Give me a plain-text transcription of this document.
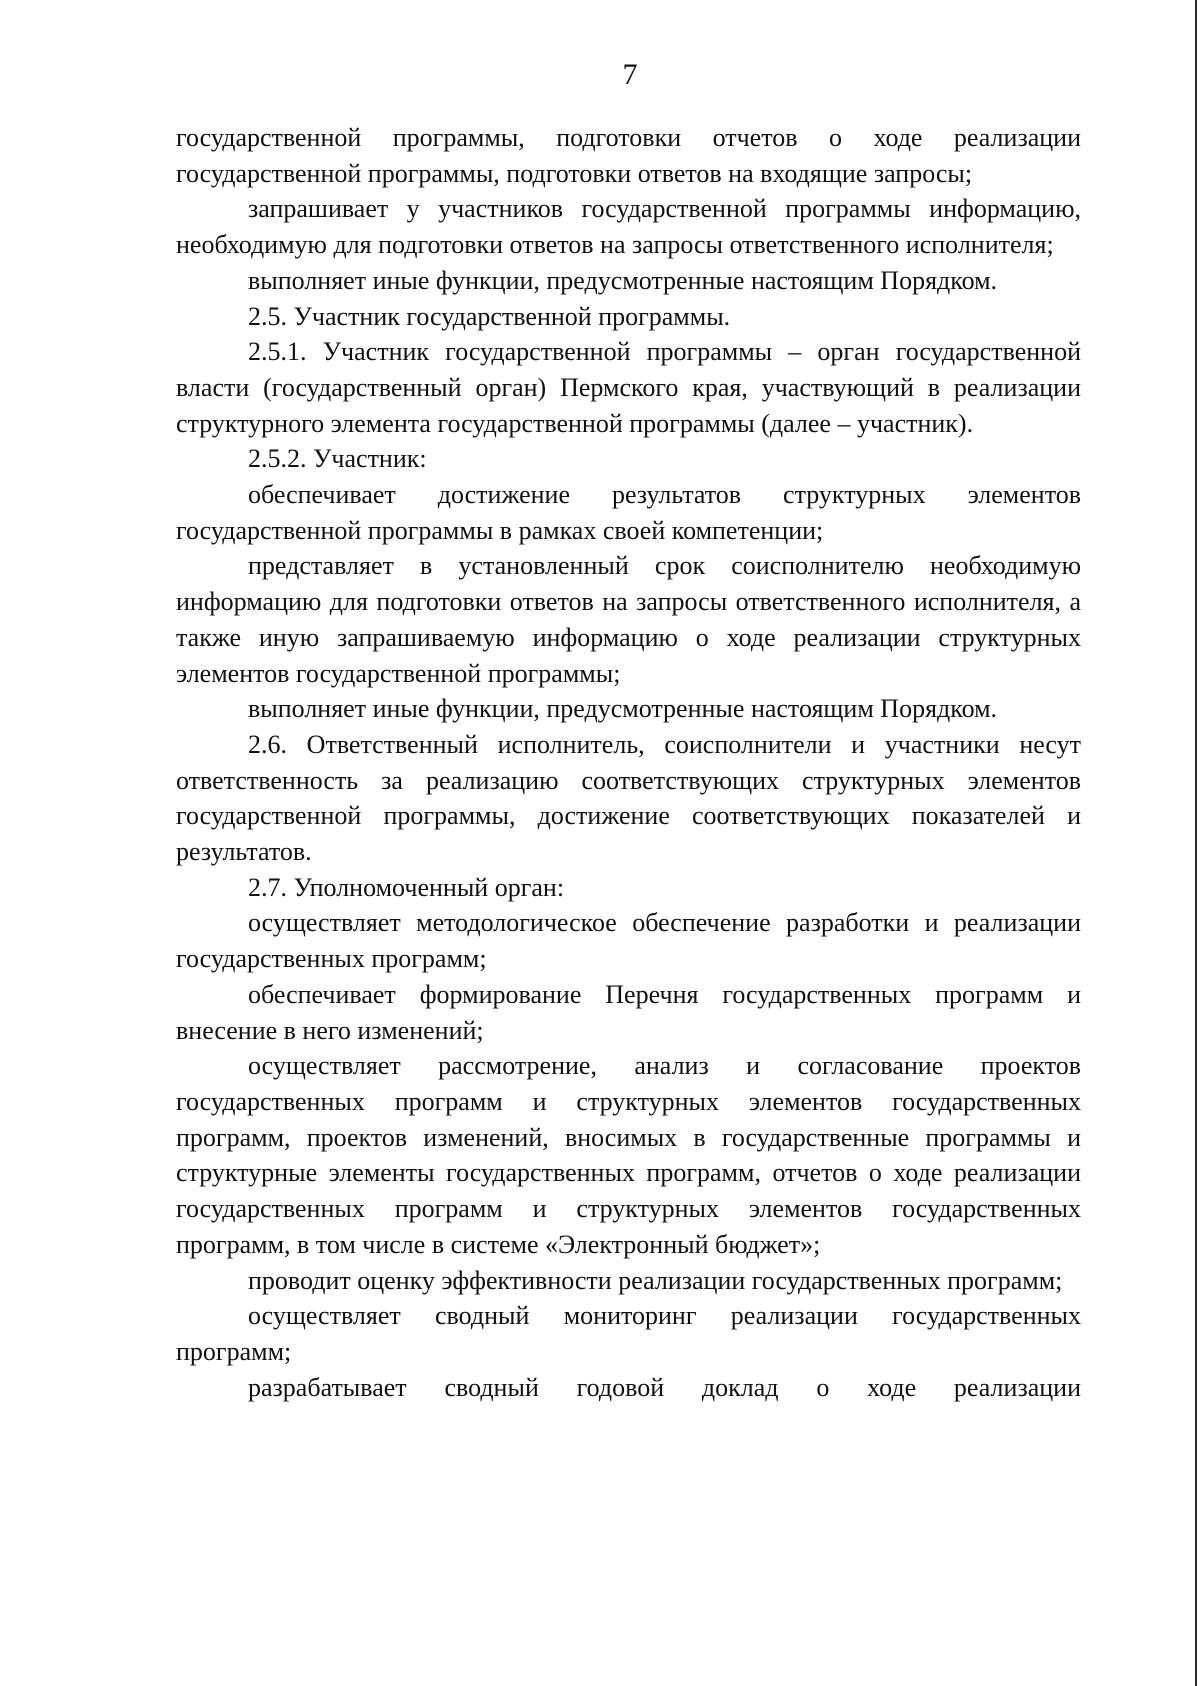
7

государственной программы, подготовки отчетов о ходе реализации государственной программы, подготовки ответов на входящие запросы;

запрашивает у участников государственной программы информацию, необходимую для подготовки ответов на запросы ответственного исполнителя;

выполняет иные функции, предусмотренные настоящим Порядком.

2.5. Участник государственной программы.

2.5.1. Участник государственной программы – орган государственной власти (государственный орган) Пермского края, участвующий в реализации структурного элемента государственной программы (далее – участник).

2.5.2. Участник:

обеспечивает достижение результатов структурных элементов государственной программы в рамках своей компетенции;

представляет в установленный срок соисполнителю необходимую информацию для подготовки ответов на запросы ответственного исполнителя, а также иную запрашиваемую информацию о ходе реализации структурных элементов государственной программы;

выполняет иные функции, предусмотренные настоящим Порядком.

2.6. Ответственный исполнитель, соисполнители и участники несут ответственность за реализацию соответствующих структурных элементов государственной программы, достижение соответствующих показателей и результатов.

2.7. Уполномоченный орган:

осуществляет методологическое обеспечение разработки и реализации государственных программ;

обеспечивает формирование Перечня государственных программ и внесение в него изменений;

осуществляет рассмотрение, анализ и согласование проектов государственных программ и структурных элементов государственных программ, проектов изменений, вносимых в государственные программы и структурные элементы государственных программ, отчетов о ходе реализации государственных программ и структурных элементов государственных программ, в том числе в системе «Электронный бюджет»;

проводит оценку эффективности реализации государственных программ;

осуществляет сводный мониторинг реализации государственных программ;

разрабатывает сводный годовой доклад о ходе реализации
